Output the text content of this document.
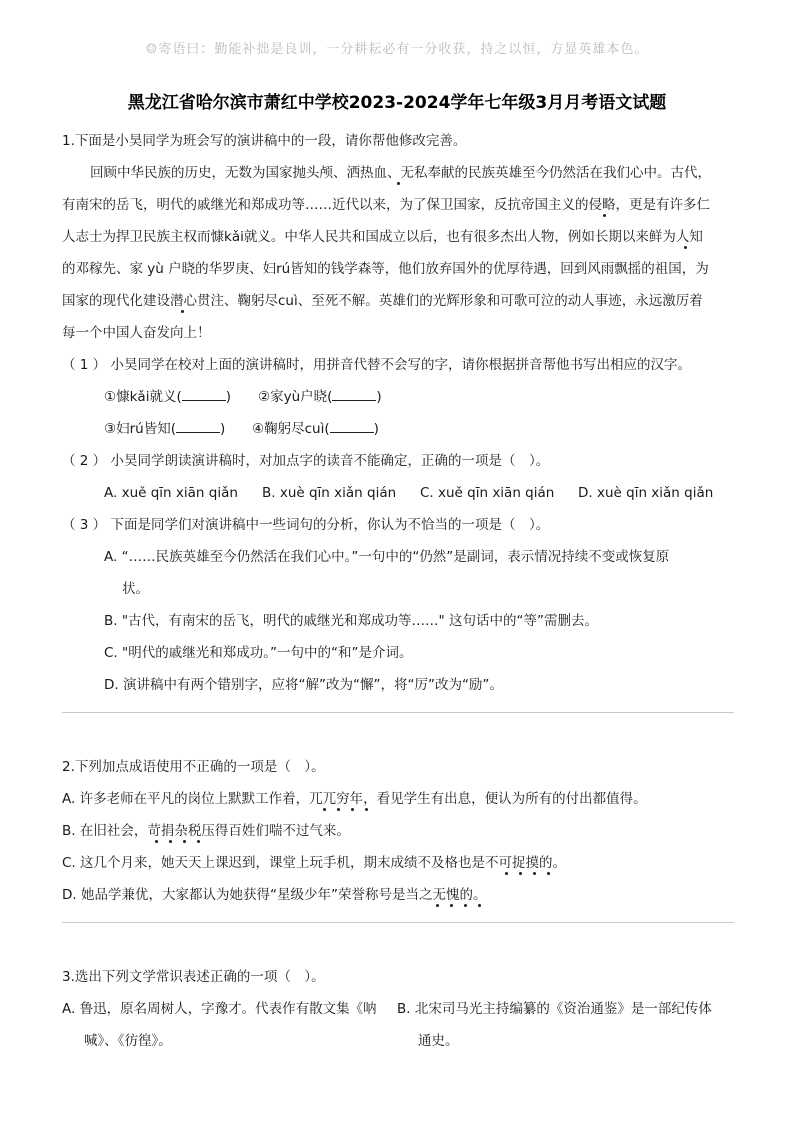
☺寄语曰：勤能补拙是良训，一分耕耘必有一分收获，持之以恒，方显英雄本色。
黑龙江省哈尔滨市萧红中学校2023-2024学年七年级3月月考语文试题
1.下面是小昊同学为班会写的演讲稿中的一段，请你帮他修改完善。
回顾中华民族的历史，无数为国家抛头颅、洒热血、无私奉献的民族英雄至今仍然活在我们心中。古代，
有南宋的岳飞，明代的戚继光和郑成功等……近代以来，为了保卫国家，反抗帝国主义的侵略，更是有许多仁
人志士为捍卫民族主权而慷kǎi就义。中华人民共和国成立以后，也有很多杰出人物，例如长期以来鲜为人知
的邓稼先、家 yù 户晓的华罗庚、妇rú皆知的钱学森等，他们放弃国外的优厚待遇，回到风雨飘摇的祖国，为
国家的现代化建设潜心贯注、鞠躬尽cuì、至死不解。英雄们的光辉形象和可歌可泣的动人事迹，永远激厉着
每一个中国人奋发向上！
（ 1 ） 小昊同学在校对上面的演讲稿时，用拼音代替不会写的字，请你根据拼音帮他书写出相应的汉字。
①慷kǎi就义(	) ②家yù户晓(	)
③妇rú皆知(	) ④鞠躬尽cuì(	)
（ 2 ） 小昊同学朗读演讲稿时，对加点字的读音不能确定，正确的一项是（　）。
A. xuě qīn xiān qiǎn B. xuè qīn xiǎn qián C. xuě qīn xiān qián D. xuè qīn xiǎn qiǎn
（ 3 ） 下面是同学们对演讲稿中一些词句的分析，你认为不恰当的一项是（　）。
A. “……民族英雄至今仍然活在我们心中。”一句中的“仍然”是副词，表示情况持续不变或恢复原
状。
B. "古代，有南宋的岳飞，明代的戚继光和郑成功等……" 这句话中的“等”需删去。
C. "明代的戚继光和郑成功。”一句中的“和”是介词。
D. 演讲稿中有两个错别字，应将“解”改为“懈”，将“厉”改为“励”。
2.下列加点成语使用不正确的一项是（　）。
A. 许多老师在平凡的岗位上默默工作着，兀兀穷年，看见学生有出息，便认为所有的付出都值得。
B. 在旧社会，苛捐杂税压得百姓们喘不过气来。
C. 这几个月来，她天天上课迟到，课堂上玩手机，期末成绩不及格也是不可捉摸的。
D. 她品学兼优，大家都认为她获得“星级少年”荣誉称号是当之无愧的。
3.选出下列文学常识表述正确的一项（　）。
A. 鲁迅，原名周树人，字豫才。代表作有散文集《呐
喊》、《彷徨》。
B. 北宋司马光主持编纂的《资治通鉴》是一部纪传体
通史。
